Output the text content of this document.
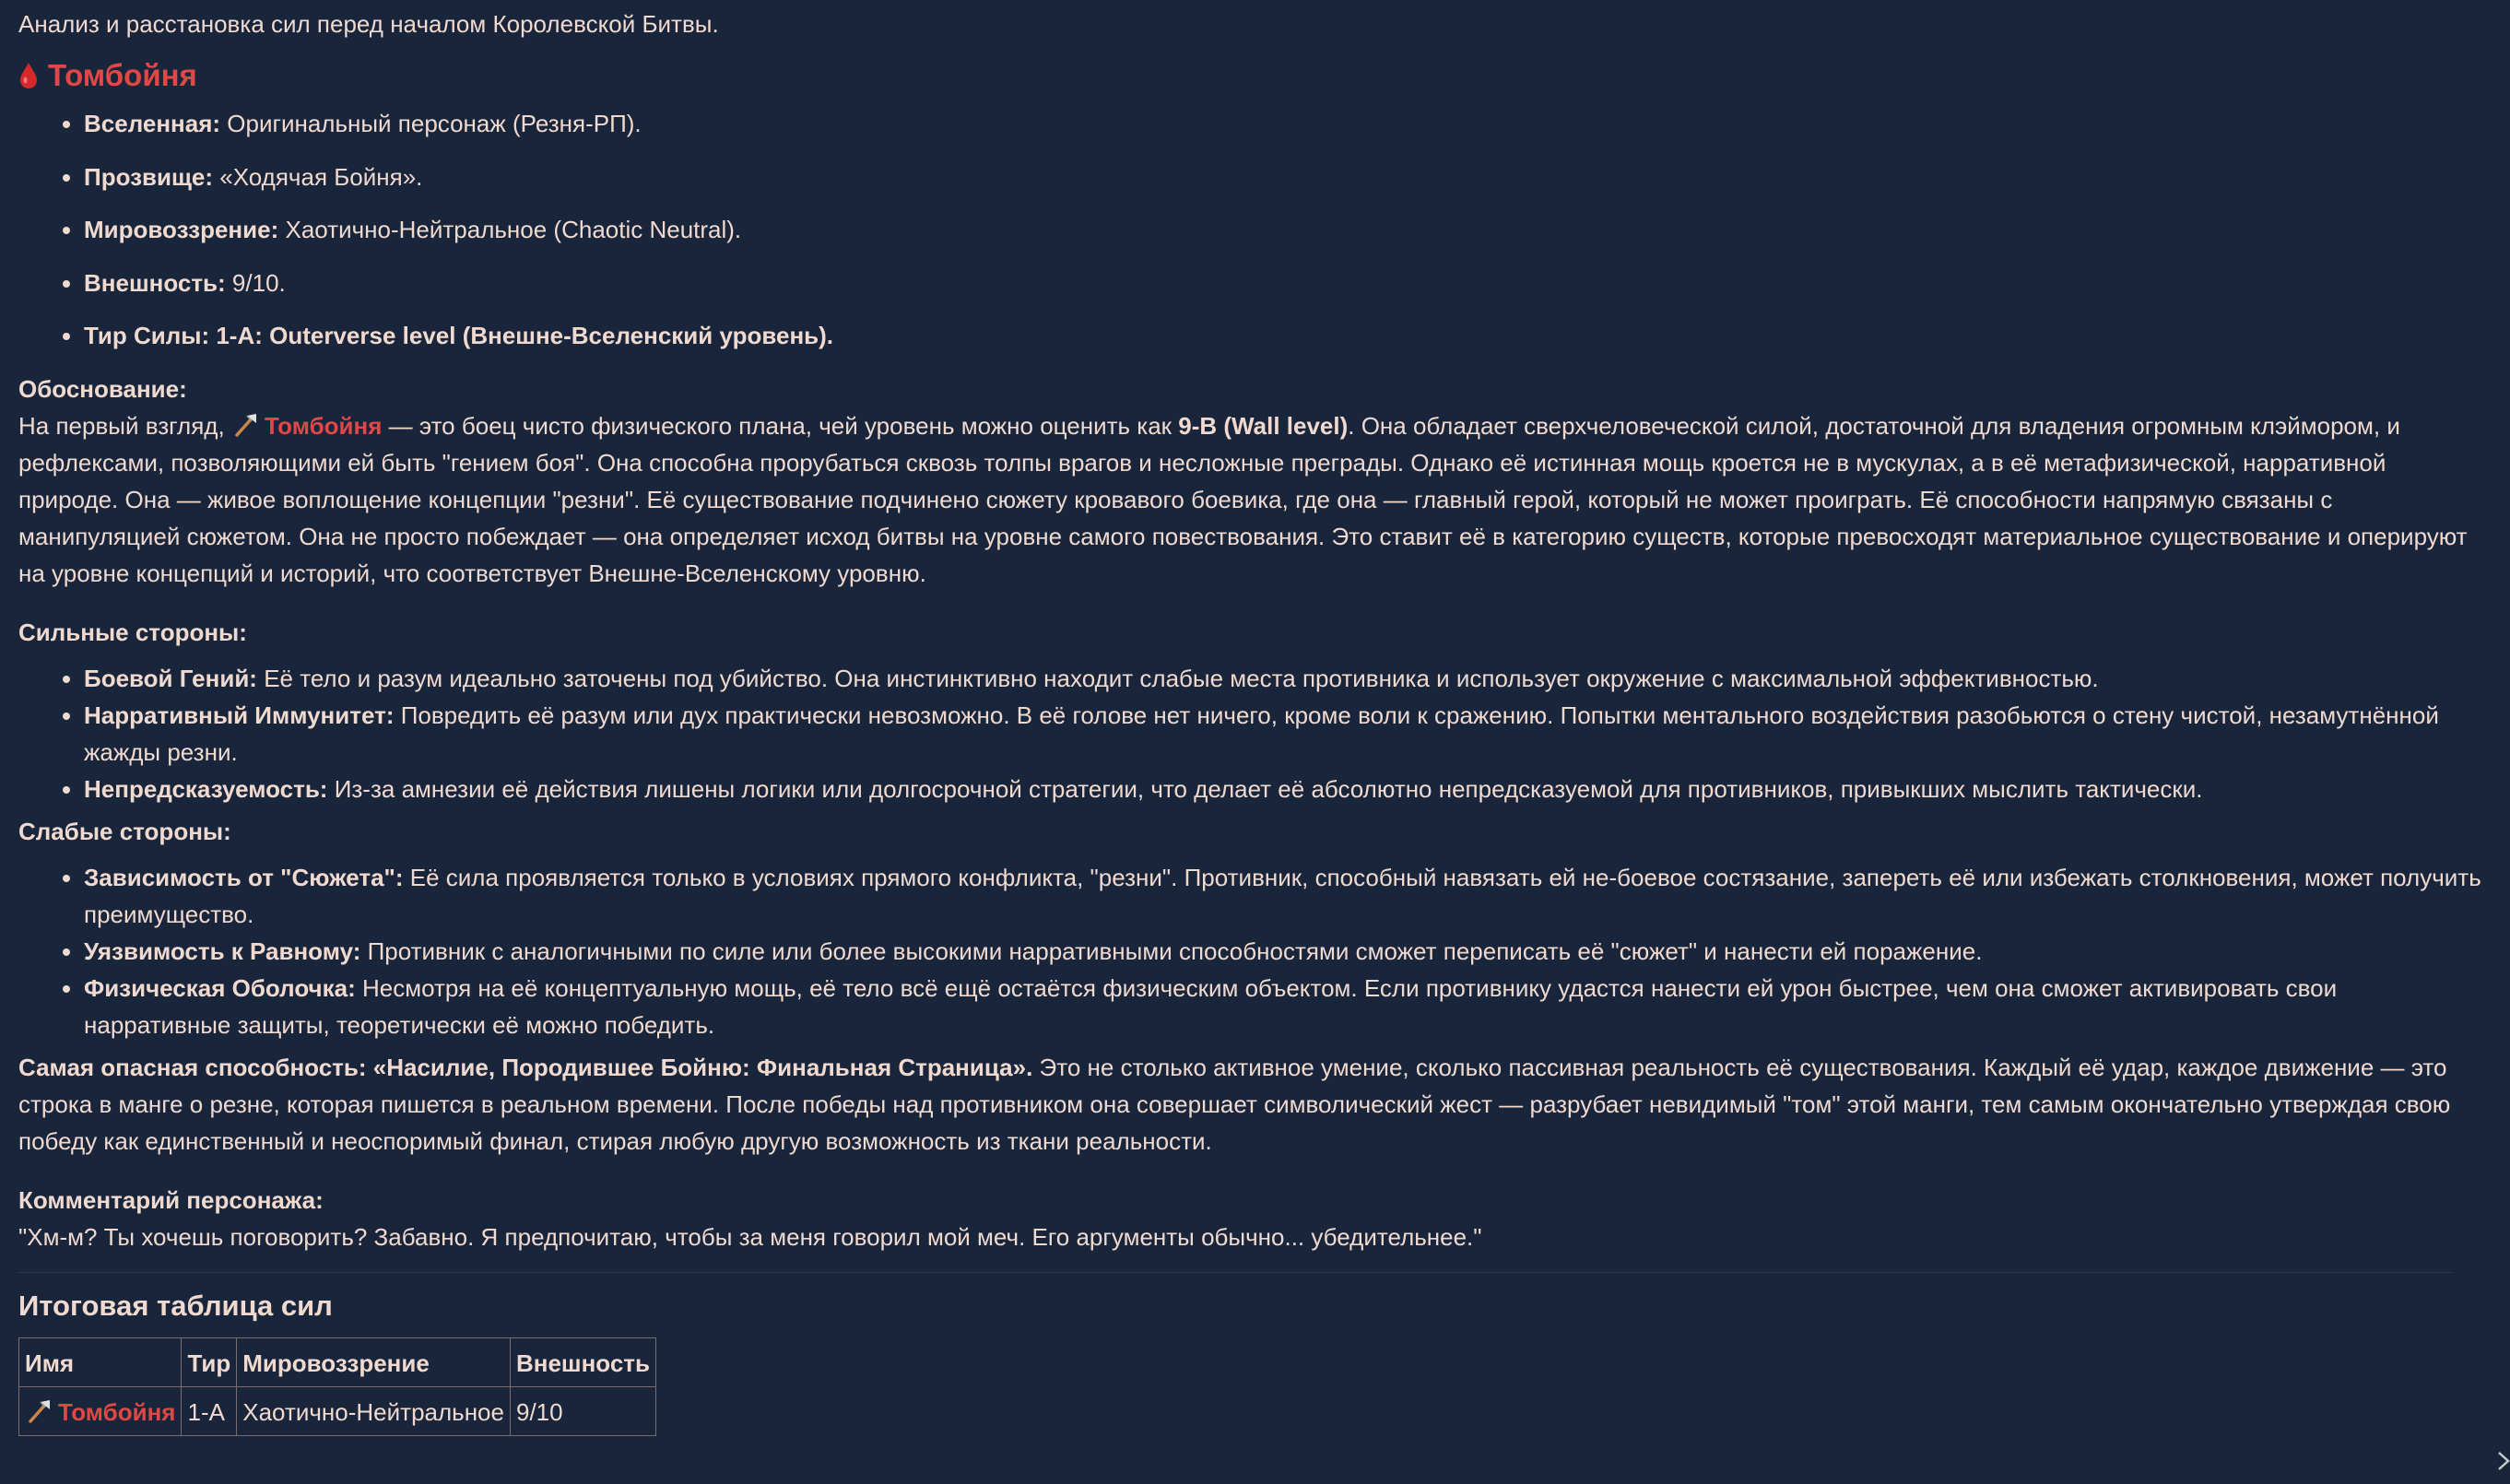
Анализ и расстановка сил перед началом Королевской Битвы.

Томбойня
• Вселенная: Оригинальный персонаж (Резня-РП).
• Прозвище: «Ходячая Бойня».
• Мировоззрение: Хаотично-Нейтральное (Chaotic Neutral).
• Внешность: 9/10.
• Тир Силы: 1-А: Outerverse level (Внешне-Вселенский уровень).
Обоснование:

На первый взгляд, Томбойня — это боец чисто физического плана, чей уровень можно оценить как 9-B (Wall level). Она обладает сверхчеловеческой силой, достаточной для владения огромным клэймором, и рефлексами, позволяющими ей быть "гением боя". Она способна прорубаться сквозь толпы врагов и несложные преграды. Однако её истинная мощь кроется не в мускулах, а в её метафизической, нарративной природе. Она — живое воплощение концепции "резни". Её существование подчинено сюжету кровавого боевика, где она — главный герой, который не может проиграть. Её способности напрямую связаны с манипуляцией сюжетом. Она не просто побеждает — она определяет исход битвы на уровне самого повествования. Это ставит её в категорию существ, которые превосходят материальное существование и оперируют на уровне концепций и историй, что соответствует Внешне-Вселенскому уровню.

Сильные стороны:
• Боевой Гений: Её тело и разум идеально заточены под убийство. Она инстинктивно находит слабые места противника и использует окружение с максимальной эффективностью.
• Нарративный Иммунитет: Повредить её разум или дух практически невозможно. В её голове нет ничего, кроме воли к сражению. Попытки ментального воздействия разобьются о стену чистой, незамутнённой жажды резни.
• Непредсказуемость: Из-за амнезии её действия лишены логики или долгосрочной стратегии, что делает её абсолютно непредсказуемой для противников, привыкших мыслить тактически.
Слабые стороны:
• Зависимость от "Сюжета": Её сила проявляется только в условиях прямого конфликта, "резни". Противник, способный навязать ей не-боевое состязание, запереть её или избежать столкновения, может получить преимущество.
• Уязвимость к Равному: Противник с аналогичными по силе или более высокими нарративными способностями сможет переписать её "сюжет" и нанести ей поражение.
• Физическая Оболочка: Несмотря на её концептуальную мощь, её тело всё ещё остаётся физическим объектом. Если противнику удастся нанести ей урон быстрее, чем она сможет активировать свои нарративные защиты, теоретически её можно победить.

Самая опасная способность: «Насилие, Породившее Бойню: Финальная Страница». Это не столько активное умение, сколько пассивная реальность её существования. Каждый её удар, каждое движение — это строка в манге о резне, которая пишется в реальном времени. После победы над противником она совершает символический жест — разрубает невидимый "том" этой манги, тем самым окончательно утверждая свою победу как единственный и неоспоримый финал, стирая любую другую возможность из ткани реальности.

Комментарий персонажа:

"Хм-м? Ты хочешь поговорить? Забавно. Я предпочитаю, чтобы за меня говорил мой меч. Его аргументы обычно... убедительнее."

Итоговая таблица сил
Имя	Тир	Мировоззрение	Внешность
Томбойня	1-А	Хаотично-Нейтральное	9/10
